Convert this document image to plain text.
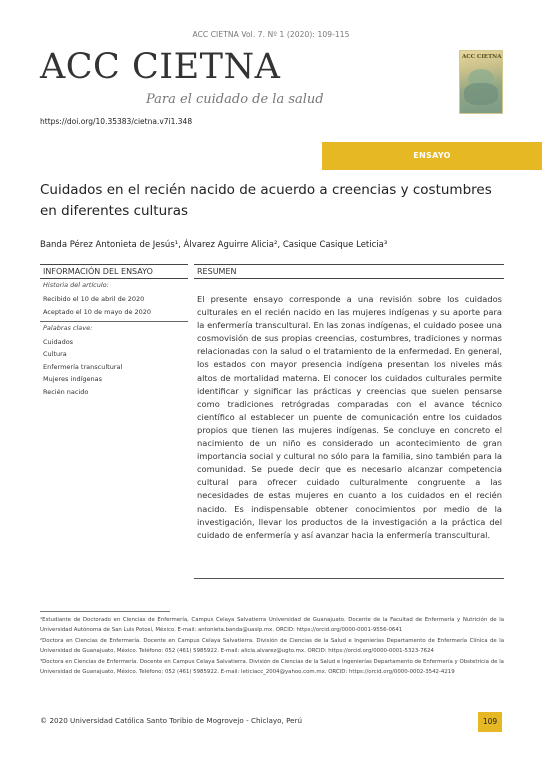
ACC CIETNA Vol. 7. Nº 1 (2020): 109-115
ACC CIETNA
Para el cuidado de la salud
https://doi.org/10.35383/cietna.v7i1.348
ACC CIETNA
ENSAYO
Cuidados en el recién nacido de acuerdo a creencias y costumbres en diferentes culturas
Banda Pérez Antonieta de Jesús¹, Álvarez Aguirre Alicia², Casique Casique Leticia³
INFORMACIÓN DEL ENSAYO
Historia del artículo:
Recibido el 10 de abril de 2020
Aceptado el 10 de mayo de 2020
Palabras clave:
Cuidados
Cultura
Enfermería transcultural
Mujeres indígenas
Recién nacido
RESUMEN
El presente ensayo corresponde a una revisión sobre los cuidados culturales en el recién nacido en las mujeres indígenas y su aporte para la enfermería transcultural. En las zonas indígenas, el cuidado posee una cosmovisión de sus propias creencias, costumbres, tradiciones y normas relacionadas con la salud o el tratamiento de la enfermedad. En general, los estados con mayor presencia indígena presentan los niveles más altos de mortalidad materna. El conocer los cuidados culturales permite identificar y significar las prácticas y creencias que suelen pensarse como tradiciones retrógradas comparadas con el avance técnico científico al establecer un puente de comunicación entre los cuidados propios que tienen las mujeres indígenas. Se concluye en concreto el nacimiento de un niño es considerado un acontecimiento de gran importancia social y cultural no sólo para la familia, sino también para la comunidad. Se puede decir que es necesario alcanzar competencia cultural para ofrecer cuidado culturalmente congruente a las necesidades de estas mujeres en cuanto a los cuidados en el recién nacido. Es indispensable obtener conocimientos por medio de la investigación, llevar los productos de la investigación a la práctica del cuidado de enfermería y así avanzar hacia la enfermería transcultural.
¹Estudiante de Doctorado en Ciencias de Enfermería, Campus Celaya Salvatierra Universidad de Guanajuato. Docente de la Facultad de Enfermería y Nutrición de la Universidad Autónoma de San Luis Potosí, México. E-mail: antonieta.banda@uaslp.mx. ORCID: https://orcid.org/0000-0001-9556-0641
²Doctora en Ciencias de Enfermería. Docente en Campus Celaya Salvatierra. División de Ciencias de la Salud e Ingenierías Departamento de Enfermería Clínica de la Universidad de Guanajuato, México. Teléfono: 052 (461) 5985922. E-mail: alicia.alvarez@ugto.mx. ORCID: https://orcid.org/0000-0001-5323-7624
³Doctora en Ciencias de Enfermería. Docente en Campus Celaya Salvatierra. División de Ciencias de la Salud e Ingenierías Departamento de Enfermería y Obstetricia de la Universidad de Guanajuato, México. Teléfono: 052 (461) 5985922. E-mail: leticiacc_2004@yahoo.com.mx. ORCID: https://orcid.org/0000-0002-3542-4219
© 2020 Universidad Católica Santo Toribio de Mogrovejo - Chiclayo, Perú	109
